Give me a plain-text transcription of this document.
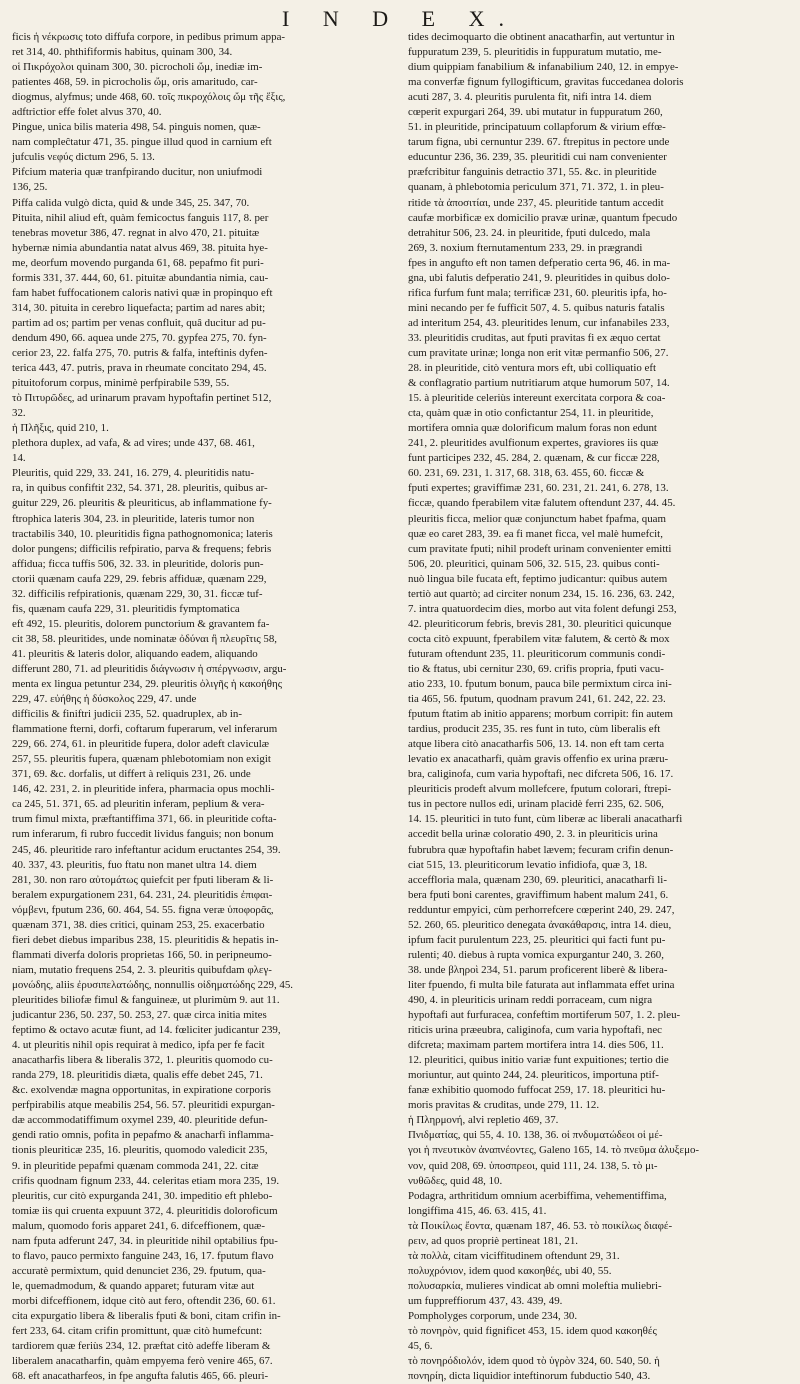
I N D E X.

ficis ἡ νέκρωσις toto diffufa corpore, in pedibus primum appa-

ret 314, 40. phthififormis habitus, quinam 300, 34.

οἱ Πικρόχολοι quinam 300, 30. picrocholi ὤμ, inediæ im-

patientes 468, 59. in picrocholis ὤμ, oris amaritudo, car-

diogmus, alyfmus; unde 468, 60. τοῖς πικροχόλοις ὤμ τῆς ἕξις,

adftrictior effe folet alvus 370, 40.

Pingue, unica bilis materia 498, 54. pinguis nomen, quæ-

nam compleĉtatur 471, 35. pingue illud quod in carnium eft

jufculis νεφύς dictum 296, 5. 13.

Pifcium materia quæ tranfpirando ducitur, non uniufmodi

136, 25.

Piffa calida vulgò dicta, quid & unde 345, 25. 347, 70.

Pituita, nihil aliud eft, quàm femicoctus fanguis 117, 8. per

tenebras movetur 386, 47. regnat in alvo 470, 21. pituitæ

hybernæ nimia abundantia natat alvus 469, 38. pituita hye-

me, deorfum movendo purganda 61, 68. pepafmo fit puri-

formis 331, 37. 444, 60, 61. pituitæ abundantia nimia, cau-

fam habet fuffocationem caloris nativi quæ in propinquo eft

314, 30. pituita in cerebro liquefacta; partim ad nares abit;

partim ad os; partim per venas confluit, quâ ducitur ad pu-

dendum 490, 66. aquea unde 275, 70. gypfea 275, 70. fyn-

cerior 23, 22. falfa 275, 70. putris & falfa, inteftinis dyfen-

terica 443, 47. putris, prava in rheumate concitato 294, 45.

pituitoforum corpus, minimè perfpirabile 539, 55.

τὸ Πιτυρῶδες, ad urinarum pravam hypoftafin pertinet 512,

32.

ἡ Πλῆξις, quid 210, 1.

plethora duplex, ad vafa, & ad vires; unde 437, 68. 461,

14.

Pleuritis, quid 229, 33. 241, 16. 279, 4. pleuritidis natu-

ra, in quibus confiftit 232, 54. 371, 28. pleuritis, quibus ar-

guitur 229, 26. pleuritis & pleuriticus, ab inflammatione fy-

ftrophica lateris 304, 23. in pleuritide, lateris tumor non

tractabilis 340, 10. pleuritidis figna pathognomonica; lateris

dolor pungens; difficilis refpiratio, parva & frequens; febris

affidua; ficca tuffis 506, 32. 33. in pleuritide, doloris pun-

ctorii quænam caufa 229, 29. febris affiduæ, quænam 229,

32. difficilis refpirationis, quænam 229, 30, 31. ficcæ tuf-

fis, quænam caufa 229, 31. pleuritidis fymptomatica

eft 492, 15. pleuritis, dolorem punctorium & gravantem fa-

cit 38, 58. pleuritides, unde nominatæ ὀδύναι ἢ πλευρῖτις 58,

41. pleuritis & lateris dolor, aliquando eadem, aliquando

differunt 280, 71. ad pleuritidis διάγνωσιν ἡ σπέργνωσιν, argu-

menta ex lingua petuntur 234, 29. pleuritis ὀλιγῆς ἡ κακοήθης

229, 47. εὐήθης ἡ δύσκολος 229, 47. unde

difficilis & finiftri judicii 235, 52. quadruplex, ab in-

flammatione fterni, dorfi, coftarum fuperarum, vel inferarum

229, 66. 274, 61. in pleuritide fupera, dolor adeft claviculæ

257, 55. pleuritis fupera, quænam phlebotomiam non exigit

371, 69. &c. dorfalis, ut differt à reliquis 231, 26. unde

146, 42. 231, 2. in pleuritide infera, pharmacia opus mochli-

ca 245, 51. 371, 65. ad pleuritin inferam, peplium & vera-

trum fimul mixta, præftantiffima 371, 66. in pleuritide cofta-

rum inferarum, fi rubro fuccedit lividus fanguis; non bonum

245, 46. pleuritide raro infeftantur acidum eructantes 254, 39.

40. 337, 43. pleuritis, fuo ftatu non manet ultra 14. diem

281, 30. non raro αὐτομάτως quiefcit per fputi liberam & li-

beralem expurgationem 231, 64. 231, 24. pleuritidis ἐπιφαι-

νόμβενι, fputum 236, 60. 464, 54. 55. figna veræ ὑποφορᾶς,

quænam 371, 38. dies critici, quinam 253, 25. exacerbatio

fieri debet diebus imparibus 238, 15. pleuritidis & hepatis in-

flammati diverfa doloris proprietas 166, 50. in peripneumo-

niam, mutatio frequens 254, 2. 3. pleuritis quibufdam φλεγ-

μονώδης, aliis ἐρυσιπελατώδης, nonnullis οἰδηματώδης 229, 45.

pleuritides biliofæ fimul & fanguineæ, ut plurimùm 9. aut 11.

judicantur 236, 50. 237, 50. 253, 27. quæ circa initia mites

feptimo & octavo acutæ fiunt, ad 14. fœliciter judicantur 239,

4. ut pleuritis nihil opis requirat à medico, ipfa per fe facit

anacatharfis libera & liberalis 372, 1. pleuritis quomodo cu-

randa 279, 18. pleuritidis diæta, qualis effe debet 245, 71.

&c. exolvendæ magna opportunitas, in expiratione corporis

perfpirabilis atque meabilis 254, 56. 57. pleuritidi expurgan-

dæ accommodatiffimum oxymel 239, 40. pleuritide defun-

gendi ratio omnis, pofita in pepafmo & anacharfi inflamma-

tionis pleuriticæ 235, 16. pleuritis, quomodo valedicit 235,

9. in pleuritide pepafmi quænam commoda 241, 22. citæ

crifis quodnam fignum 233, 44. celeritas etiam mora 235, 19.

pleuritis, cur citò expurganda 241, 30. impeditio eft phlebo-

tomiæ iis qui cruenta expuunt 372, 4. pleuritidis doloroficum

malum, quomodo foris apparet 241, 6. difceffionem, quæ-

nam fputa adferunt 247, 34. in pleuritide nihil optabilius fpu-

to flavo, pauco permixto fanguine 243, 16, 17. fputum flavo

accuratè permixtum, quid denunciet 236, 29. fputum, qua-

le, quemadmodum, & quando apparet; futuram vitæ aut

morbi difceffionem, idque citò aut fero, oftendit 236, 60. 61.

cita expurgatio libera & liberalis fputi & boni, citam crifin in-

fert 233, 64. citam crifin promittunt, quæ citò humefcunt:

tardiorem quæ feriùs 234, 12. præftat citò adeffe liberam &

liberalem anacatharfin, quàm empyema ferò venire 465, 67.

68. eft anacatharfeos, in fpe angufta falutis 465, 66. pleuri-

tides decimoquarto die obtinent anacatharfin, aut vertuntur in

fuppuratum 239, 5. pleuritidis in fuppuratum mutatio, me-

dium quippiam fanabilium & infanabilium 240, 12. in empye-

ma converfæ fignum fyllogifticum, gravitas fuccedanea doloris

acuti 287, 3. 4. pleuritis purulenta fit, nifi intra 14. diem

cœperit expurgari 264, 39. ubi mutatur in fuppuratum 260,

51. in pleuritide, principatuum collapforum & virium effœ-

tarum figna, ubi cernuntur 239. 67. ftrepitus in pectore unde

educuntur 236, 36. 239, 35. pleuritidi cui nam convenienter

præfcribitur fanguinis detractio 371, 55. &c. in pleuritide

quanam, à phlebotomia periculum 371, 71. 372, 1. in pleu-

ritide τὰ ἀποσιτίαι, unde 237, 45. pleuritide tantum accedit

caufæ morbificæ ex domicilio pravæ urinæ, quantum fpecudo

detrahitur 506, 23. 24. in pleuritide, fputi dulcedo, mala

269, 3. noxium fternutamentum 233, 29. in prægrandi

fpes in angufto eft non tamen defperatio certa 96, 46. in ma-

gna, ubi falutis defperatio 241, 9. pleuritides in quibus dolo-

rifica furfum funt mala; terrificæ 231, 60. pleuritis ipfa, ho-

mini necando per fe fufficit 507, 4. 5. quibus naturis fatalis

ad interitum 254, 43. pleuritides lenum, cur infanabiles 233,

33. pleuritidis cruditas, aut fputi pravitas fi ex æquo certat

cum pravitate urinæ; longa non erit vitæ permanfio 506, 27.

28. in pleuritide, citò ventura mors eft, ubi colliquatio eft

& conflagratio partium nutritiarum atque humorum 507, 14.

15. à pleuritide celeriùs intereunt exercitata corpora & coa-

cta, quàm quæ in otio confictantur 254, 11. in pleuritide,

mortifera omnia quæ dolorificum malum foras non edunt

241, 2. pleuritides avulfionum expertes, graviores iis quæ

funt participes 232, 45. 284, 2. quænam, & cur ficcæ 228,

60. 231, 69. 231, 1. 317, 68. 318, 63. 455, 60. ficcæ &

fputi expertes; graviffimæ 231, 60. 231, 21. 241, 6. 278, 13.

ficcæ, quando fperabilem vitæ falutem oftendunt 237, 44. 45.

pleuritis ficca, melior quæ conjunctum habet fpafma, quam

quæ eo caret 283, 39. ea fi manet ficca, vel malè humefcit,

cum pravitate fputi; nihil prodeft urinam convenienter emitti

506, 20. pleuritici, quinam 506, 32. 515, 23. quibus conti-

nuò lingua bile fucata eft, feptimo judicantur: quibus autem

tertiò aut quartò; ad circiter nonum 234, 15. 16. 236, 63. 242,

7. intra quatuordecim dies, morbo aut vita folent defungi 253,

42. pleuriticorum febris, brevis 281, 30. pleuritici quicunque

cocta citò expuunt, fperabilem vitæ falutem, & certò & mox

futuram oftendunt 235, 11. pleuriticorum communis condi-

tio & ftatus, ubi cernitur 230, 69. crifis propria, fputi vacu-

atio 233, 10. fputum bonum, pauca bile permixtum circa ini-

tia 465, 56. fputum, quodnam pravum 241, 61. 242, 22. 23.

fputum ftatim ab initio apparens; morbum corripit: fin autem

tardius, producit 235, 35. res funt in tuto, cùm liberalis eft

atque libera citò anacatharfis 506, 13. 14. non eft tam certa

levatio ex anacatharfi, quàm gravis offenfio ex urina præru-

bra, caliginofa, cum varia hypoftafi, nec difcreta 506, 16. 17.

pleuriticis prodeft alvum mollefcere, fputum colorari, ftrepi-

tus in pectore nullos edi, urinam placidè ferri 235, 62. 506,

14. 15. pleuritici in tuto funt, cùm liberæ ac liberali anacatharfi

accedit bella urinæ coloratio 490, 2. 3. in pleuriticis urina

fubrubra quæ hypoftafin habet lævem; fecuram crifin denun-

ciat 515, 13. pleuriticorum levatio infidiofa, quæ 3, 18.

acceffloria mala, quænam 230, 69. pleuritici, anacatharfi li-

bera fputi boni carentes, graviffimum habent malum 241, 6.

redduntur empyici, cùm perhorrefcere cœperint 240, 29. 247,

52. 260, 65. pleuritico denegata ἀνακάθαρσις, intra 14. dieu,

ipfum facit purulentum 223, 25. pleuritici qui facti funt pu-

rulenti; 40. diebus à rupta vomica expurgantur 240, 3. 260,

38. unde βληροὶ 234, 51. parum proficerent liberè & libera-

liter fpuendo, fi multa bile faturata aut inflammata effet urina

490, 4. in pleuriticis urinam reddi porraceam, cum nigra

hypoftafi aut furfuracea, confeftim mortiferum 507, 1. 2. pleu-

riticis urina præeubra, caliginofa, cum varia hypoftafi, nec

difcreta; maximam partem mortifera intra 14. dies 506, 11.

12. pleuritici, quibus initio variæ funt expuitiones; tertio die

moriuntur, aut quinto 244, 24. pleuriticos, importuna ptif-

fanæ exhibitio quomodo fuffocat 259, 17. 18. pleuritici hu-

moris pravitas & cruditas, unde 279, 11. 12.

ἡ Πληρμονή, alvi repletio 469, 37.

Πνιδματίας, qui 55, 4. 10. 138, 36. οἱ πνδυματώδεοι οἱ μέ-

γοι ἡ πνευτικὸν ἀναπνέοντες, Galeno 165, 14. τὸ πνεῦμα ἀλυξεμο-

νον, quid 208, 69. ὑποσπρεοι, quid 111, 24. 138, 5. τὸ μι-

νυθῶδες, quid 48, 10.

Podagra, arthritidum omnium acerbiffima, vehementiffima,

longiffima 415, 46. 63. 415, 41.

τὰ Ποικίλως ἔοντα, quænam 187, 46. 53. τὸ ποικίλως διαφέ-

ρειν, ad quos propriè pertineat 181, 21.

τὰ πολλὰ, citam viciffitudinem oftendunt 29, 31.

πολυχρόνιον, idem quod κακοηθές, ubi 40, 55.

πολυσαρκία, mulieres vindicat ab omni moleftia muliebri-

um fuppreffiorum 437, 43. 439, 49.

Pompholyges corporum, unde 234, 30.

τὸ πονηρὸν, quid fignificet 453, 15. idem quod κακοηθές

45, 6.

τὸ πονηρόδιολόν, idem quod τὸ ὑγρὸν 324, 60. 540, 50. ἡ

πονηρίη, dicta liquidior inteftinorum fubductio 540, 43.
